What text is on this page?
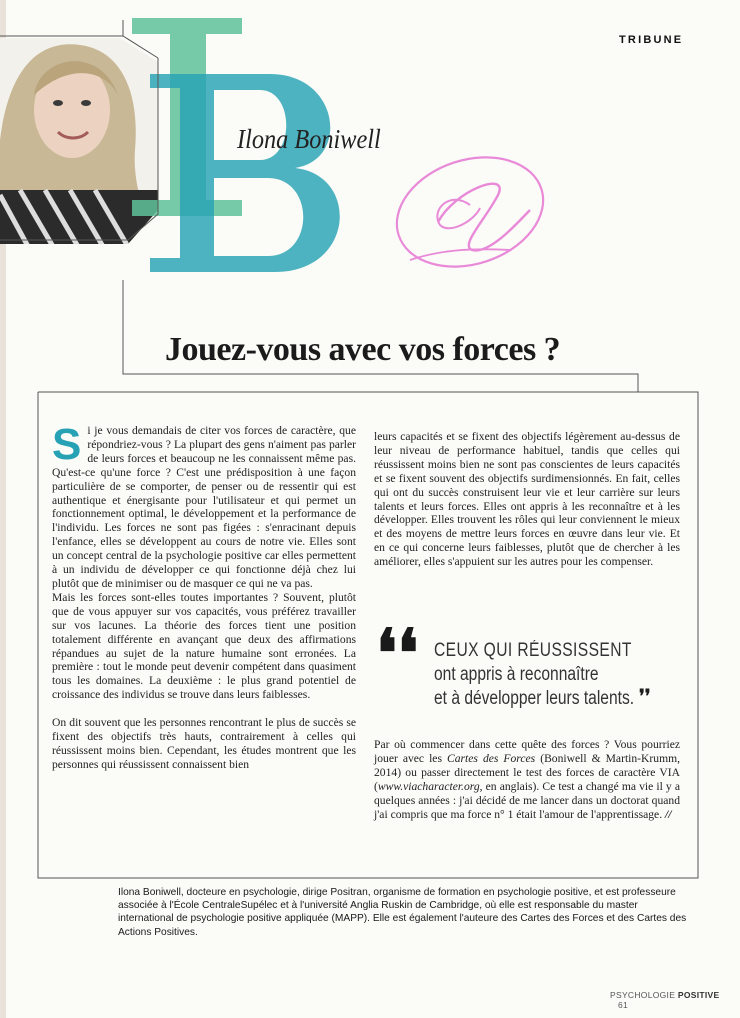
TRIBUNE
Ilona Boniwell
Jouez-vous avec vos forces ?

Si je vous demandais de citer vos forces de caractère, que répondriez-vous ? La plupart des gens n'aiment pas parler de leurs forces et beaucoup ne les connaissent même pas. Qu'est-ce qu'une force ? C'est une prédisposition à une façon particulière de se comporter, de penser ou de ressentir qui est authentique et énergisante pour l'utilisateur et qui permet un fonctionnement optimal, le développement et la performance de l'individu. Les forces ne sont pas figées : s'enracinant depuis l'enfance, elles se développent au cours de notre vie. Elles sont un concept central de la psychologie positive car elles permettent à un individu de développer ce qui fonctionne déjà chez lui plutôt que de minimiser ou de masquer ce qui ne va pas.

Mais les forces sont-elles toutes importantes ? Souvent, plutôt que de vous appuyer sur vos capacités, vous préférez travailler sur vos lacunes. La théorie des forces tient une position totalement différente en avançant que deux des affirmations répandues au sujet de la nature humaine sont erronées. La première : tout le monde peut devenir compétent dans quasiment tous les domaines. La deuxième : le plus grand potentiel de croissance des individus se trouve dans leurs faiblesses.

On dit souvent que les personnes rencontrant le plus de succès se fixent des objectifs très hauts, contrairement à celles qui réussissent moins bien. Cependant, les études montrent que les personnes qui réussissent connaissent bien

leurs capacités et se fixent des objectifs légèrement au-dessus de leur niveau de performance habituel, tandis que celles qui réussissent moins bien ne sont pas conscientes de leurs capacités et se fixent souvent des objectifs surdimensionnés. En fait, celles qui ont du succès construisent leur vie et leur carrière sur leurs talents et leurs forces. Elles ont appris à les reconnaître et à les développer. Elles trouvent les rôles qui leur conviennent le mieux et des moyens de mettre leurs forces en œuvre dans leur vie. Et en ce qui concerne leurs faiblesses, plutôt que de chercher à les améliorer, elles s'appuient sur les autres pour les compenser.

❛❛ CEUX QUI RÉUSSISSENT
ont appris à reconnaître
et à développer leurs talents. ❜❜

Par où commencer dans cette quête des forces ? Vous pourriez jouer avec les Cartes des Forces (Boniwell & Martin-Krumm, 2014) ou passer directement le test des forces de caractère VIA (www.viacharacter.org, en anglais). Ce test a changé ma vie il y a quelques années : j'ai décidé de me lancer dans un doctorat quand j'ai compris que ma force n° 1 était l'amour de l'apprentissage. //

Ilona Boniwell, docteure en psychologie, dirige Positran, organisme de formation en psychologie positive, et est professeure associée à l'École CentraleSupélec et à l'université Anglia Ruskin de Cambridge, où elle est responsable du master international de psychologie positive appliquée (MAPP). Elle est également l'auteure des Cartes des Forces et des Cartes des Actions Positives.
PSYCHOLOGIE POSITIVE 61
